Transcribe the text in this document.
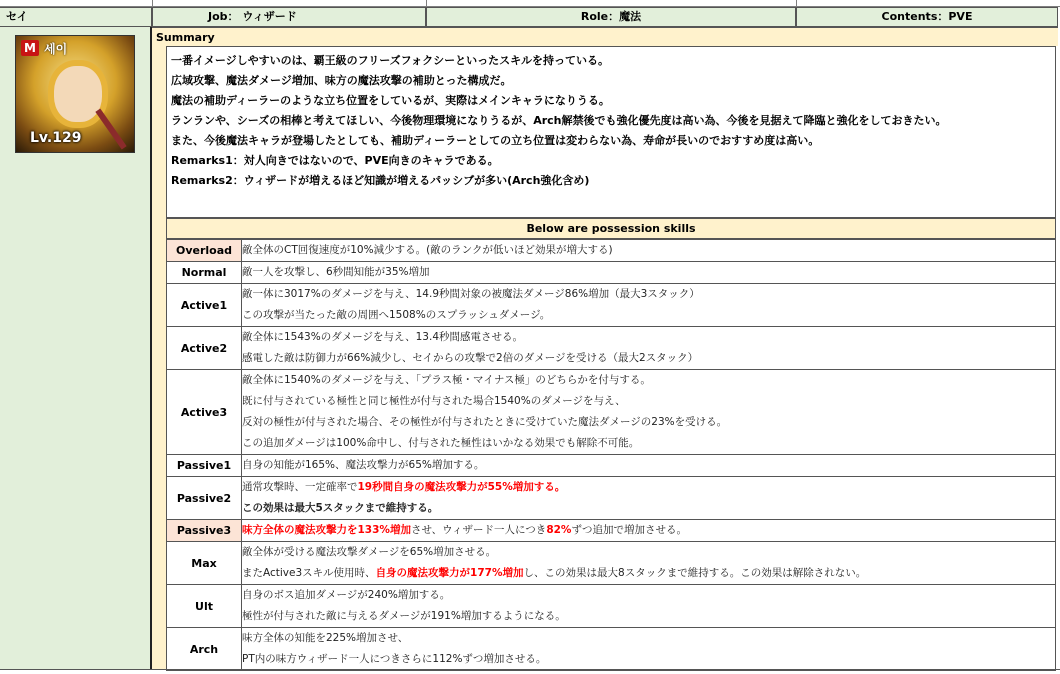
セイ	Job： ウィザード	Role：魔法	Contents：PVE
M 세이
Lv.129
Summary
一番イメージしやすいのは、覇王級のフリーズフォクシーといったスキルを持っている。
広域攻撃、魔法ダメージ増加、味方の魔法攻撃の補助とった構成だ。
魔法の補助ディーラーのような立ち位置をしているが、実際はメインキャラになりうる。
ランランや、シーズの相棒と考えてほしい、今後物理環境になりうるが、Arch解禁後でも強化優先度は高い為、今後を見据えて降臨と強化をしておきたい。
また、今後魔法キャラが登場したとしても、補助ディーラーとしての立ち位置は変わらない為、寿命が長いのでおすすめ度は高い。
Remarks1：対人向きではないので、PVE向きのキャラである。
Remarks2：ウィザードが増えるほど知識が増えるパッシブが多い(Arch強化含め)
Below are possession skills
Overload	敵全体のCT回復速度が10%減少する。(敵のランクが低いほど効果が増大する)

Normal	敵一人を攻撃し、6秒間知能が35%増加

Active1	敵一体に3017%のダメージを与え、14.9秒間対象の被魔法ダメージ86%増加（最大3スタック）
この攻撃が当たった敵の周囲へ1508%のスプラッシュダメージ。

Active2	敵全体に1543%のダメージを与え、13.4秒間感電させる。
感電した敵は防御力が66%減少し、セイからの攻撃で2倍のダメージを受ける（最大2スタック）

Active3	敵全体に1540%のダメージを与え、「プラス極・マイナス極」のどちらかを付与する。
既に付与されている極性と同じ極性が付与された場合1540%のダメージを与え、
反対の極性が付与された場合、その極性が付与されたときに受けていた魔法ダメージの23%を受ける。
この追加ダメージは100%命中し、付与された極性はいかなる効果でも解除不可能。

Passive1	自身の知能が165%、魔法攻撃力が65%増加する。

Passive2	通常攻撃時、一定確率で19秒間自身の魔法攻撃力が55%増加する。
この効果は最大5スタックまで維持する。

Passive3	味方全体の魔法攻撃力を133%増加させ、ウィザード一人につき82%ずつ追加で増加させる。

Max	敵全体が受ける魔法攻撃ダメージを65%増加させる。
またActive3スキル使用時、自身の魔法攻撃力が177%増加し、この効果は最大8スタックまで維持する。この効果は解除されない。

Ult	自身のボス追加ダメージが240%増加する。
極性が付与された敵に与えるダメージが191%増加するようになる。

Arch	味方全体の知能を225%増加させ、
PT内の味方ウィザード一人につきさらに112%ずつ増加させる。
